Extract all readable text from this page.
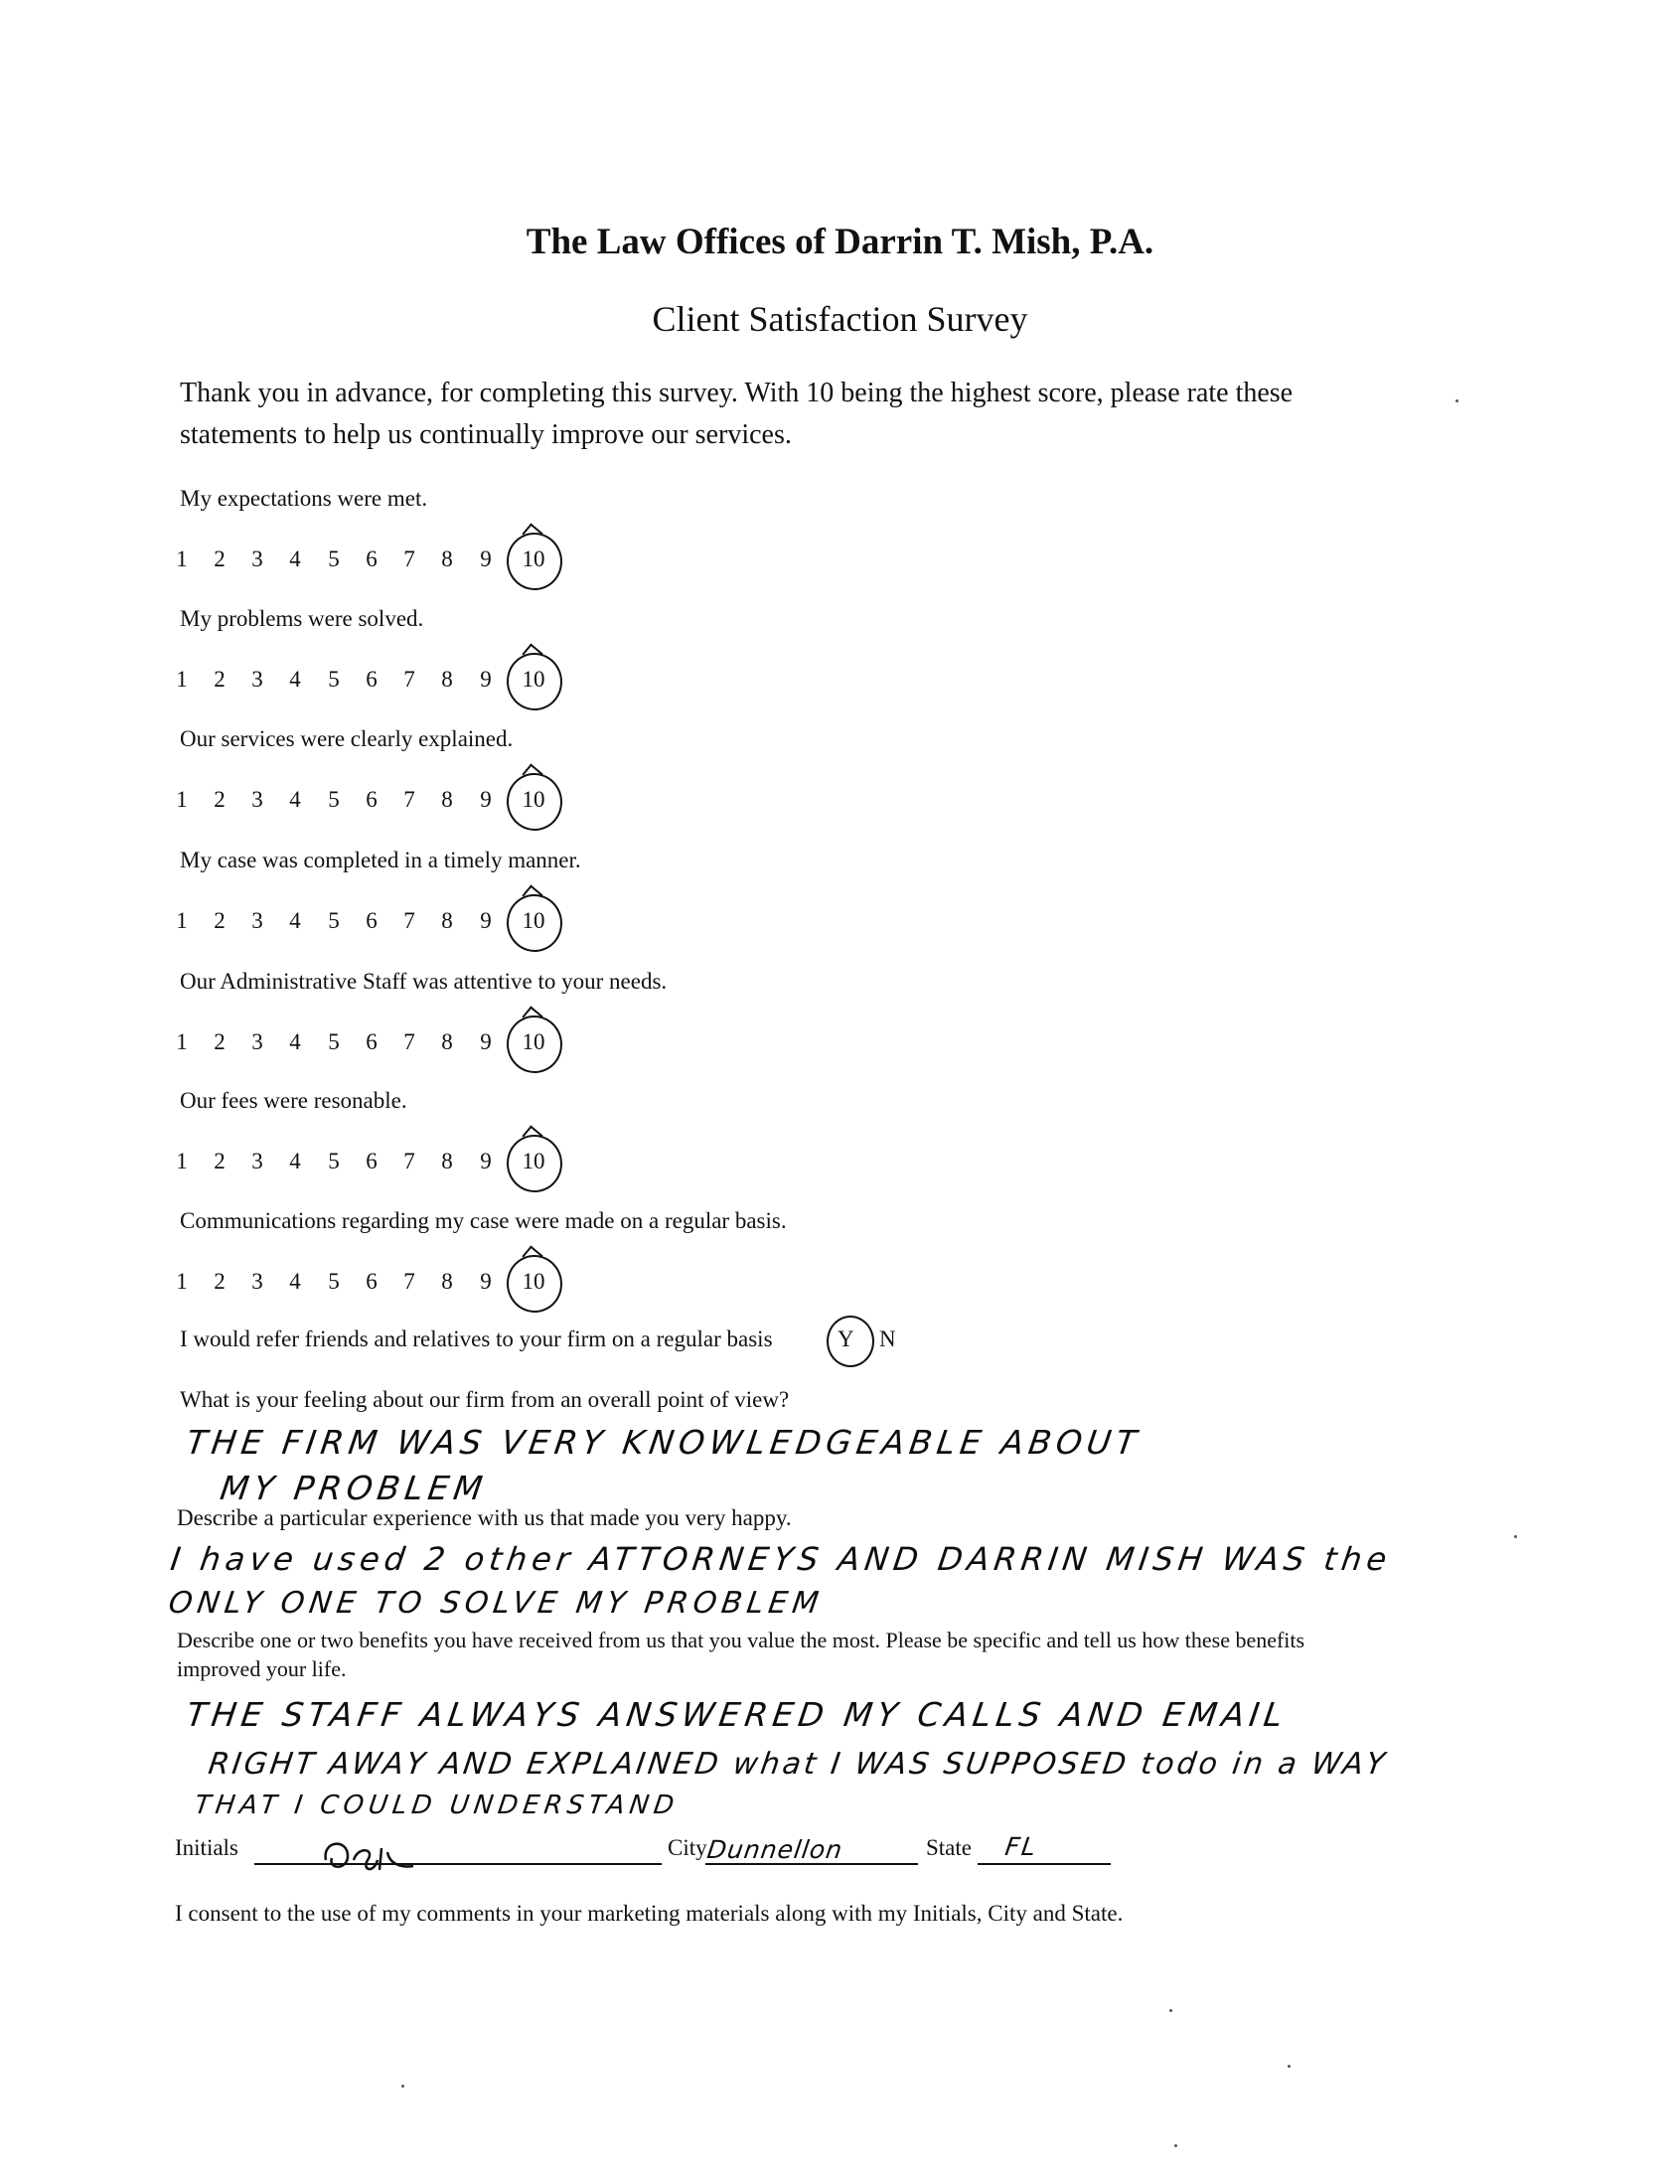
The Law Offices of Darrin T. Mish, P.A.
Client Satisfaction Survey
Thank you in advance, for completing this survey. With 10 being the highest score, please rate these
statements to help us continually improve our services.
My expectations were met.
1 2 3 4 5 6 7 8 9 10
My problems were solved.
1 2 3 4 5 6 7 8 9 10
Our services were clearly explained.
1 2 3 4 5 6 7 8 9 10
My case was completed in a timely manner.
1 2 3 4 5 6 7 8 9 10
Our Administrative Staff was attentive to your needs.
1 2 3 4 5 6 7 8 9 10
Our fees were resonable.
1 2 3 4 5 6 7 8 9 10
Communications regarding my case were made on a regular basis.
1 2 3 4 5 6 7 8 9 10
I would refer friends and relatives to your firm on a regular basis	Y N
What is your feeling about our firm from an overall point of view?
THE FIRM WAS VERY KNOWLEDGEABLE ABOUT
MY PROBLEM
Describe a particular experience with us that made you very happy.
I have used 2 other ATTORNEYS AND DARRIN MISH WAS the
ONLY ONE TO SOLVE MY PROBLEM
Describe one or two benefits you have received from us that you value the most. Please be specific and tell us how these benefits
improved your life.
THE STAFF ALWAYS ANSWERED MY CALLS AND EMAIL
RIGHT AWAY AND EXPLAINED what I WAS SUPPOSED todo in a WAY
THAT I COULD UNDERSTAND
Initials	City
Dunnellon	State FL
I consent to the use of my comments in your marketing materials along with my Initials, City and State.
